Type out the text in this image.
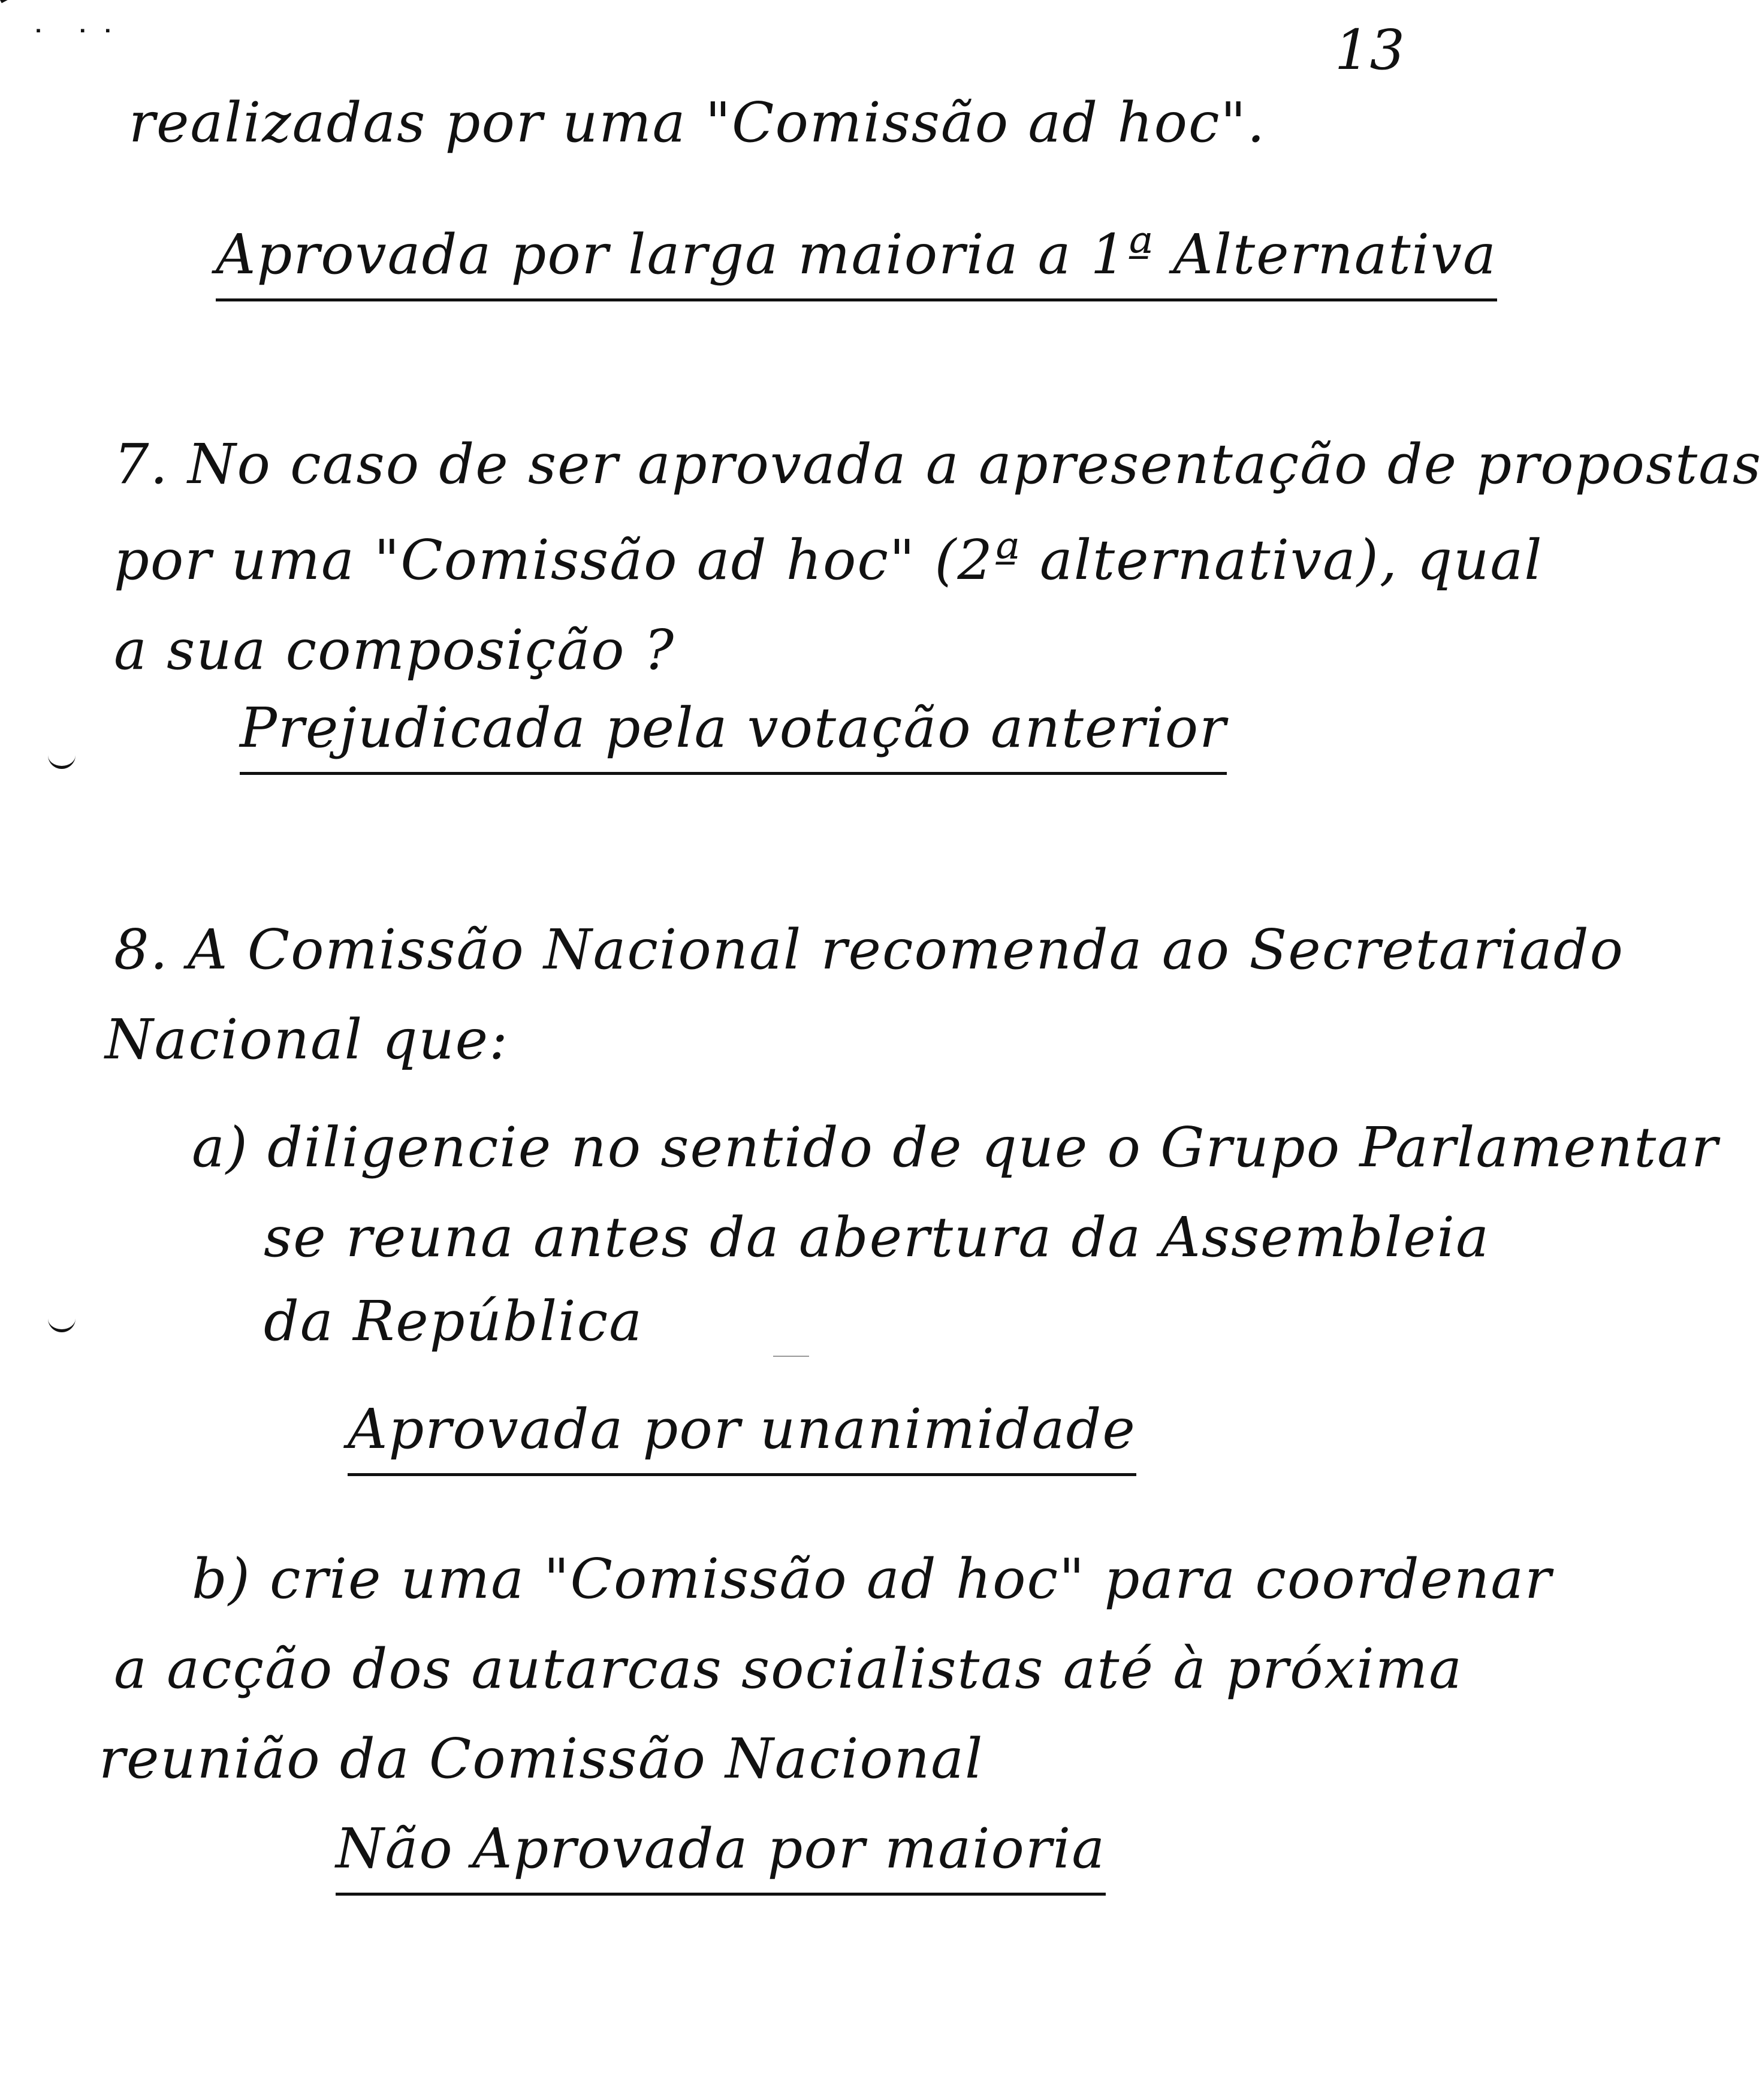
˙ ˙˙	13
realizadas por uma "Comissão ad hoc".
Aprovada por larga maioria a 1ª Alternativa
7. No caso de ser aprovada a apresentação de propostas
por uma "Comissão ad hoc" (2ª alternativa), qual
a sua composição ?
Prejudicada pela votação anterior
8. A Comissão Nacional recomenda ao Secretariado
Nacional que:
a) diligencie no sentido de que o Grupo Parlamentar
se reuna antes da abertura da Assembleia
da República
Aprovada por unanimidade
b) crie uma "Comissão ad hoc" para coordenar
a acção dos autarcas socialistas até à próxima
reunião da Comissão Nacional
Não Aprovada por maioria
